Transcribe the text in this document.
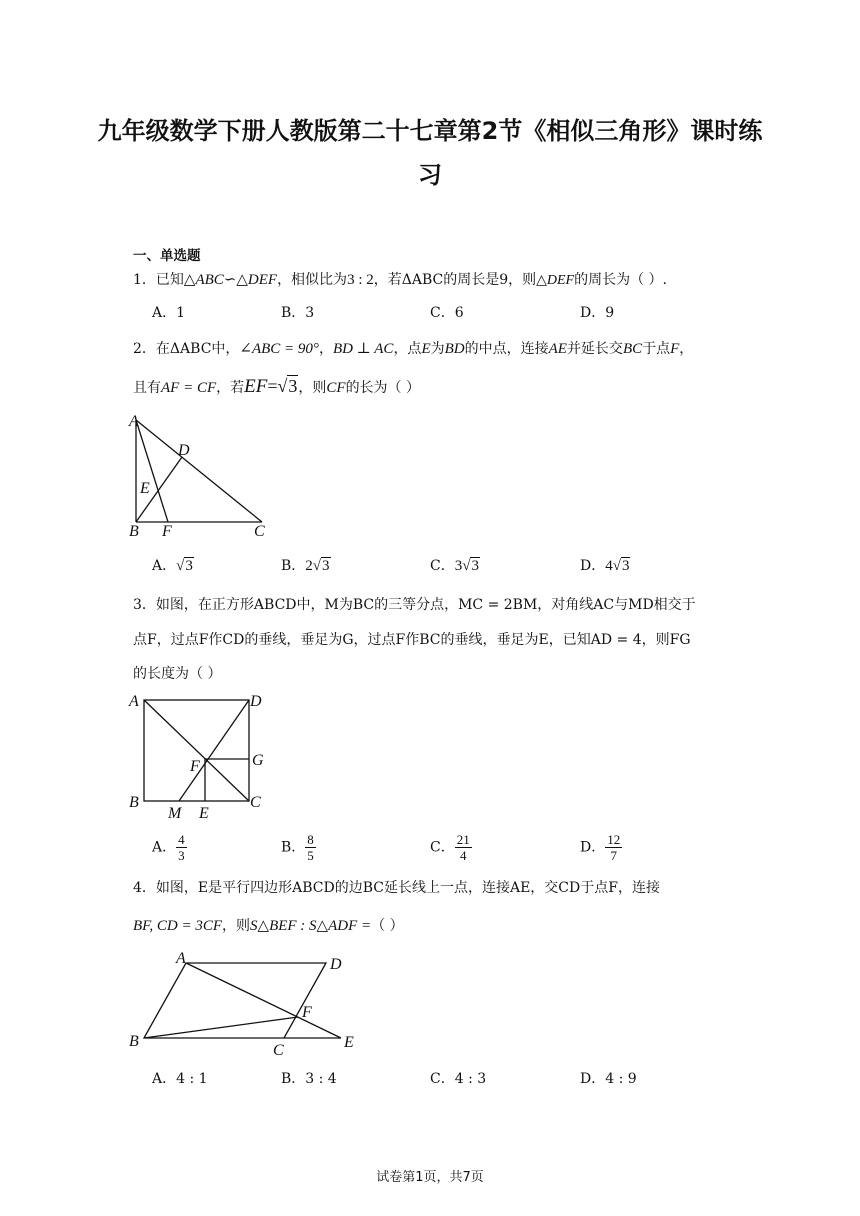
九年级数学下册人教版第二十七章第2节《相似三角形》课时练
习
一、单选题
1．已知△ABC∽△DEF，相似比为3 : 2，若ΔABC的周长是9，则△DEF的周长为（ ）.
A．1	B．3	C．6	D．9
2．在ΔABC中，∠ABC = 90°，BD ⊥ AC，点E为BD的中点，连接AE并延长交BC于点F，
且有AF = CF，若EF=√3，则CF的长为（ ）
A
D
E
B F	C
A．√3	B．2√3	C．3√3	D．4√3
3．如图，在正方形ABCD中，M为BC的三等分点，MC = 2BM，对角线AC与MD相交于
点F，过点F作CD的垂线，垂足为G，过点F作BC的垂线，垂足为E，已知AD = 4，则FG
的长度为（ ）
A	D
G
F
B
M E
C
A． $\frac{4}{3}$	B． $\frac{8}{5}$	C． $\frac{21}{4}$	D． $\frac{12}{7}$
4．如图，E是平行四边形ABCD的边BC延长线上一点，连接AE，交CD于点F，连接
BF, CD = 3CF，则S△BEF : S△ADF =（ ）
A	D
F
B
C	E
A．4 : 1	B．3 : 4	C．4 : 3	D．4 : 9
试卷第1页，共7页
